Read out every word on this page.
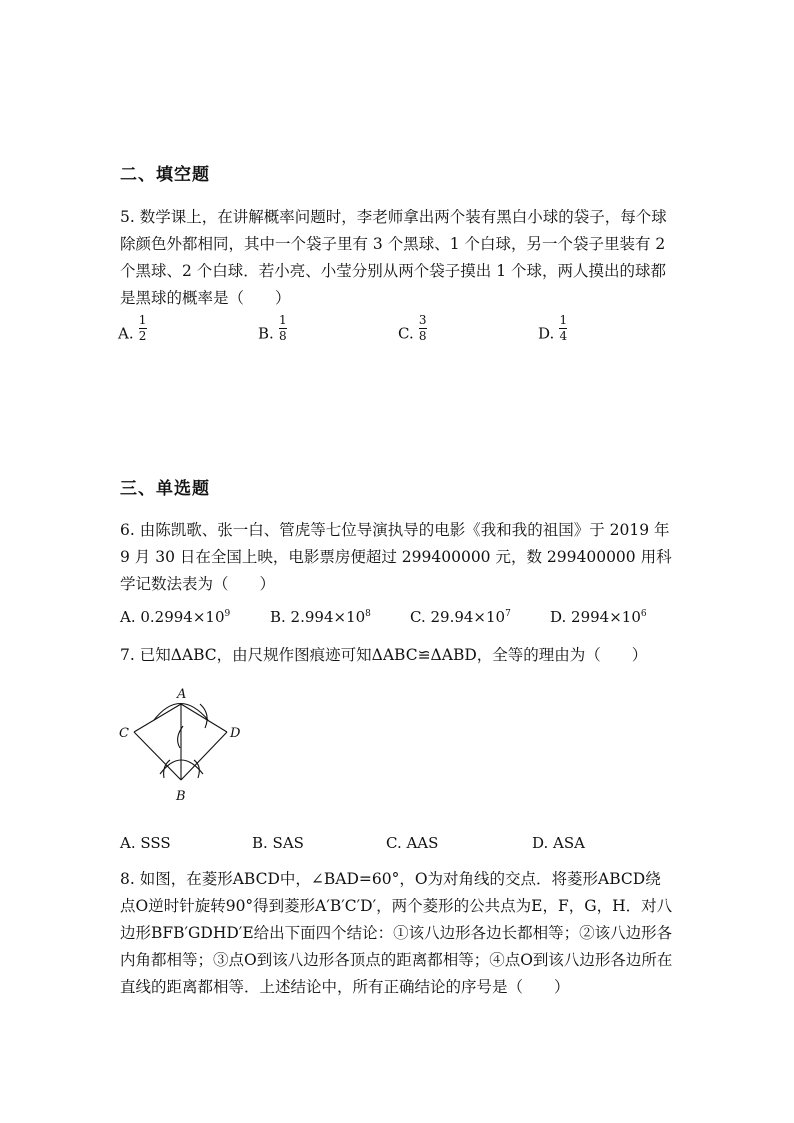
二、填空题
5. 数学课上，在讲解概率问题时，李老师拿出两个装有黑白小球的袋子，每个球除颜色外都相同，其中一个袋子里有 3 个黑球、1 个白球，另一个袋子里装有 2 个黑球、2 个白球．若小亮、小莹分别从两个袋子摸出 1 个球，两人摸出的球都是黑球的概率是（　　）
A. $\frac{1}{2}$	B. $\frac{1}{8}$	C. $\frac{3}{8}$	D. $\frac{1}{4}$
三、单选题
6. 由陈凯歌、张一白、管虎等七位导演执导的电影《我和我的祖国》于 2019 年 9 月 30 日在全国上映，电影票房便超过 299400000 元，数 299400000 用科学记数法表为（　　）
A. $0.2994\times 10^9$	B. $2.994\times 10^8$	C. $29.94\times 10^7$	D. $2994\times 10^6$
7. 已知ΔABC，由尺规作图痕迹可知ΔABC≌ΔABD，全等的理由为（　　）
A
C	D
B
A. SSS	B. SAS	C. AAS	D. ASA
8. 如图，在菱形ABCD中，∠BAD=60°，O为对角线的交点．将菱形ABCD绕点O逆时针旋转90°得到菱形A′B′C′D′，两个菱形的公共点为E，F，G，H．对八边形BFB′GDHD′E给出下面四个结论：①该八边形各边长都相等；②该八边形各内角都相等；③点O到该八边形各顶点的距离都相等；④点O到该八边形各边所在直线的距离都相等．上述结论中，所有正确结论的序号是（　　）
